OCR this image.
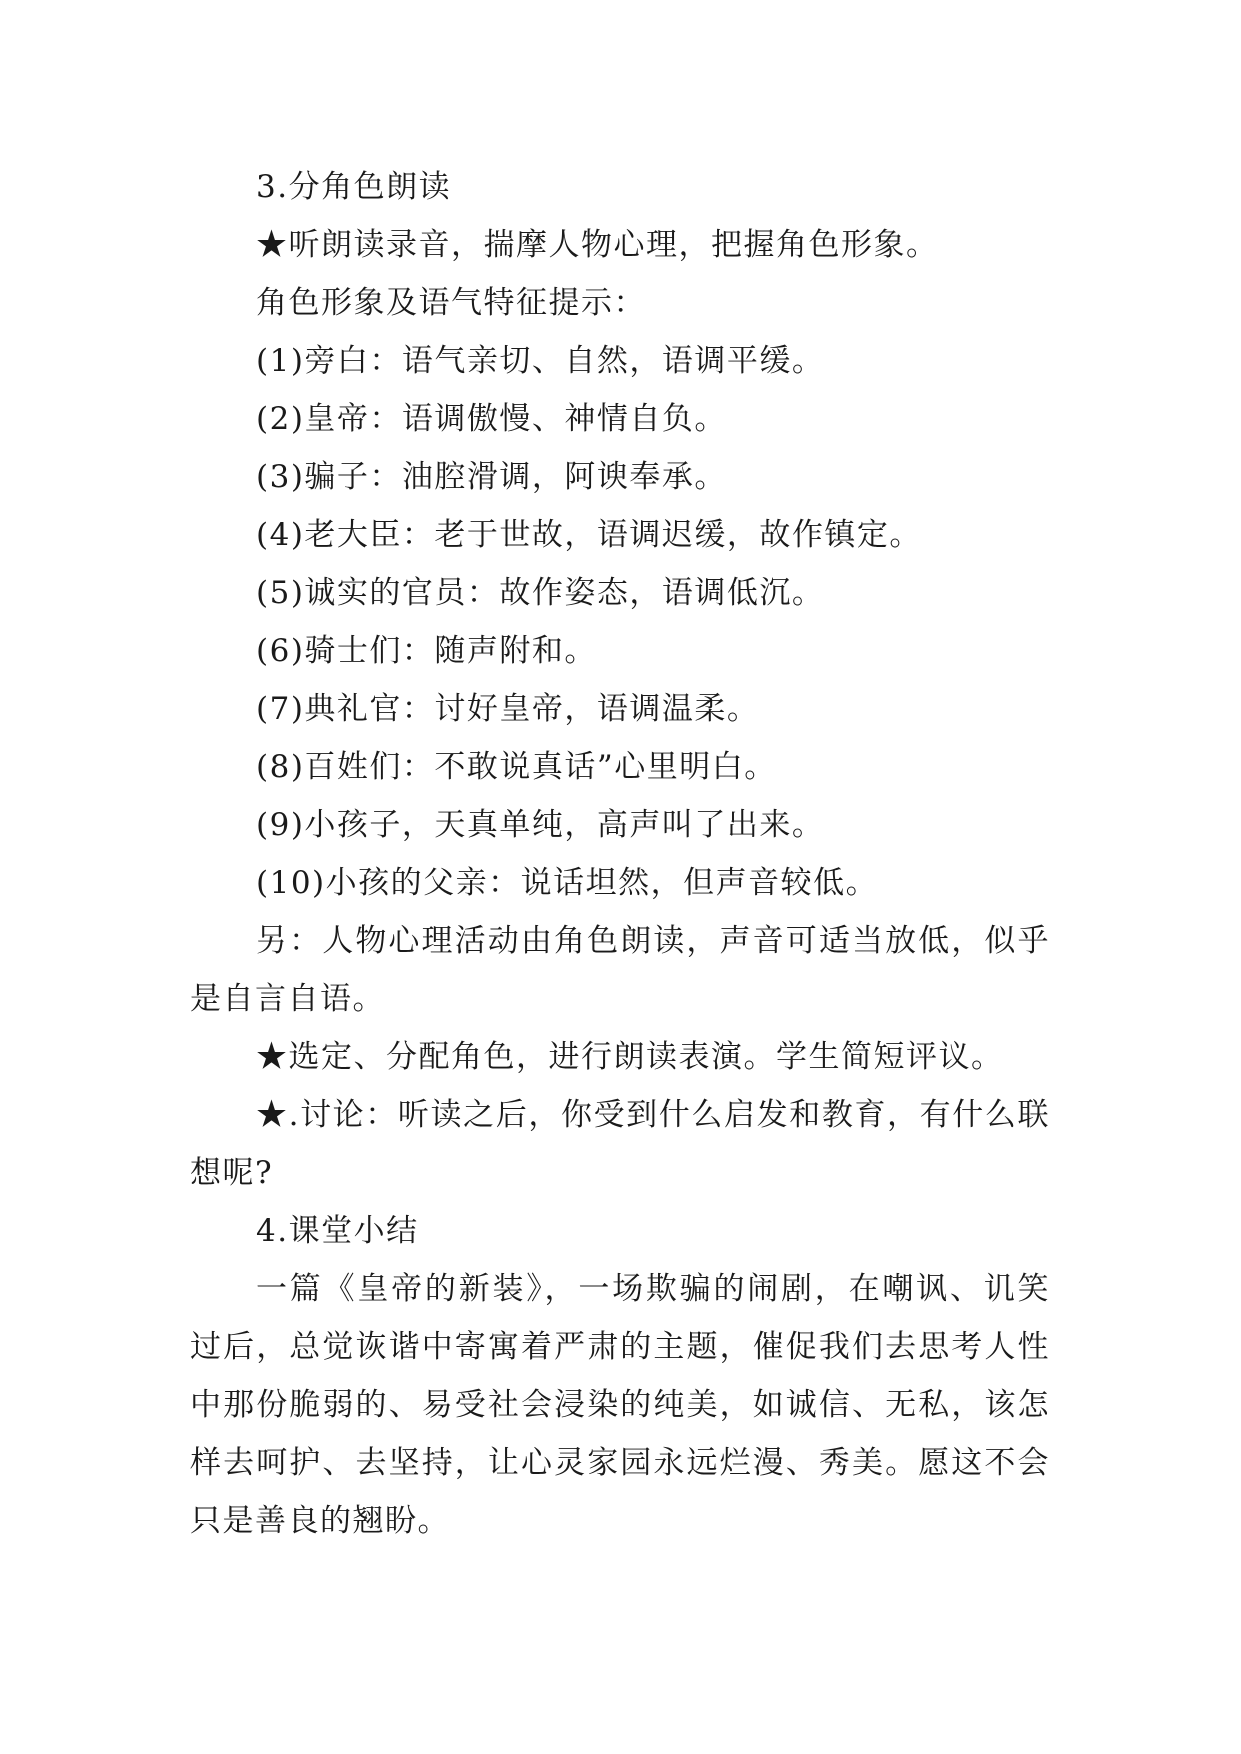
3.分角色朗读

★听朗读录音，揣摩人物心理，把握角色形象。

角色形象及语气特征提示：

(1)旁白：语气亲切、自然，语调平缓。

(2)皇帝：语调傲慢、神情自负。

(3)骗子：油腔滑调，阿谀奉承。

(4)老大臣：老于世故，语调迟缓，故作镇定。

(5)诚实的官员：故作姿态，语调低沉。

(6)骑士们：随声附和。

(7)典礼官：讨好皇帝，语调温柔。

(8)百姓们：不敢说真话”心里明白。

(9)小孩子，天真单纯，高声叫了出来。

(10)小孩的父亲：说话坦然，但声音较低。

另：人物心理活动由角色朗读，声音可适当放低，似乎是自言自语。

★选定、分配角色，进行朗读表演。学生简短评议。

★.讨论：听读之后，你受到什么启发和教育，有什么联想呢?

4.课堂小结

一篇《皇帝的新装》，一场欺骗的闹剧，在嘲讽、讥笑过后，总觉诙谐中寄寓着严肃的主题，催促我们去思考人性中那份脆弱的、易受社会浸染的纯美，如诚信、无私，该怎样去呵护、去坚持，让心灵家园永远烂漫、秀美。愿这不会只是善良的翘盼。
